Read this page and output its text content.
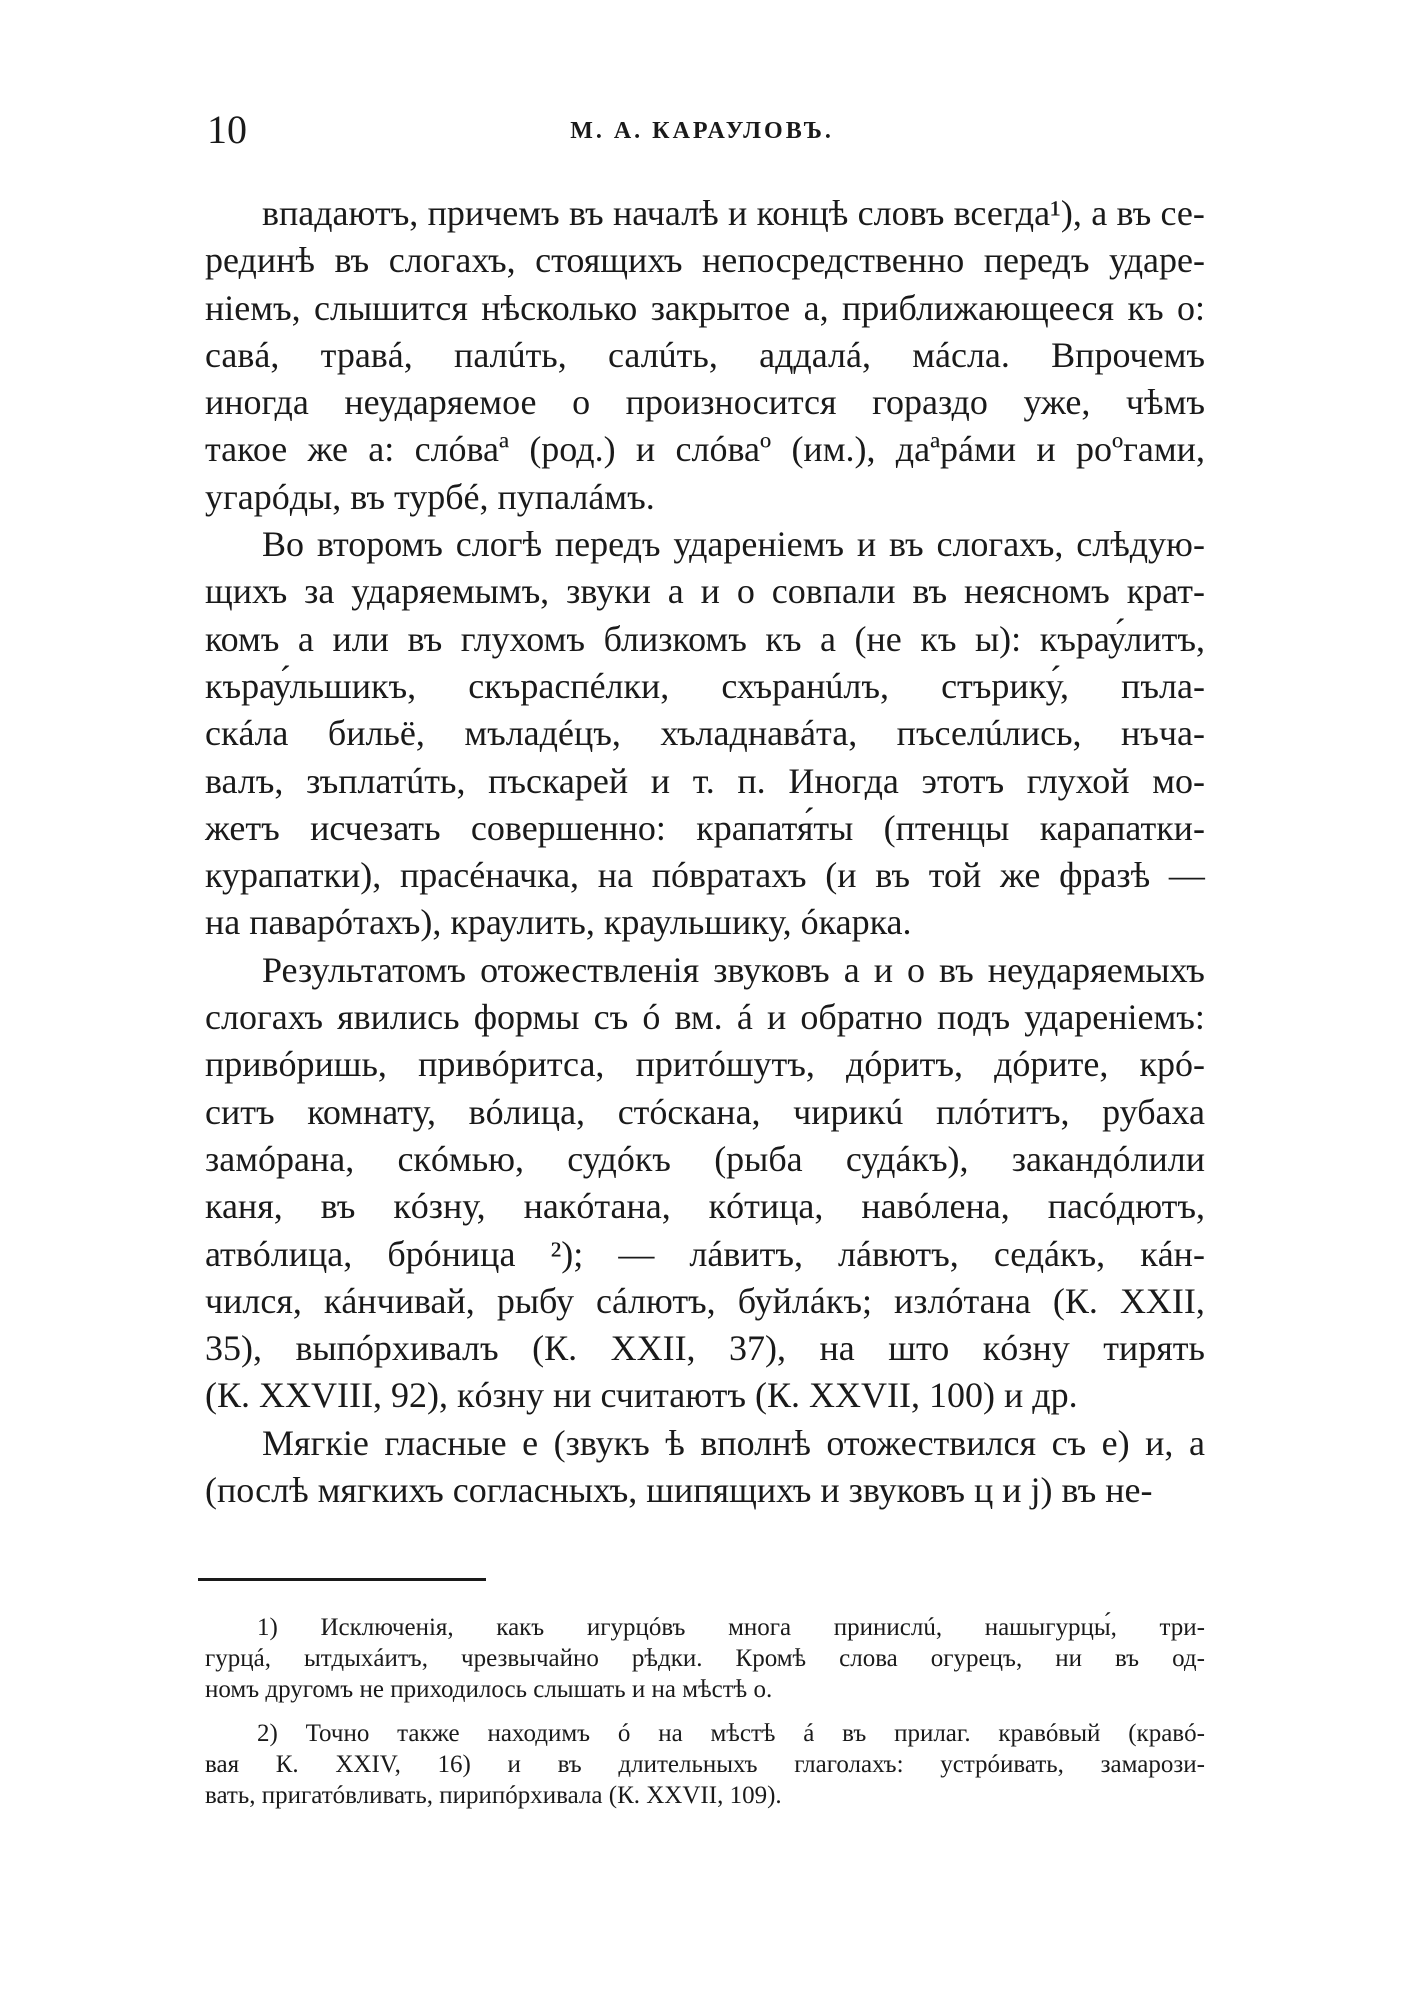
10	М. А. КАРАУЛОВЪ.
впадаютъ, причемъ въ началѣ и концѣ словъ всегда¹), а въ се-
рединѣ въ слогахъ, стоящихъ непосредственно передъ ударе-
ніемъ, слышится нѣсколько закрытое а, приближающееся къ о:
савá, травá, палúть, салúть, аддалá, мáсла. Впрочемъ
иногда неударяемое о произносится гораздо уже, чѣмъ
такое же а: слóваª (род.) и слóваº (им.), даªрáми и роºгами,
угарóды, въ турбé, пупалáмъ.
Во второмъ слогѣ передъ удареніемъ и въ слогахъ, слѣдую-
щихъ за ударяемымъ, звуки а и о совпали въ неясномъ крат-
комъ а или въ глухомъ близкомъ къ а (не къ ы): кърау́литъ,
кърау́льшикъ, скъраспéлки, схъранúлъ, стърику́, пъла-
скáла бильё, мъладéцъ, хъладнавáта, пъселúлись, нъча-
валъ, зъплатúть, пъскарей и т. п. Иногда этотъ глухой мо-
жетъ исчезать совершенно: крапатя́ты (птенцы карапатки-
курапатки), прасéначка, на пóвратахъ (и въ той же фразѣ —
на паварóтахъ), краулить, краульшику, óкарка.
Результатомъ отожествленія звуковъ а и о въ неударяемыхъ
слогахъ явились формы съ ó вм. á и обратно подъ удареніемъ:
привóришь, привóритса, притóшутъ, дóритъ, дóрите, крó-
ситъ комнату, вóлица, стóскана, чирикú плóтитъ, рубаха
замóрана, скóмью, судóкъ (рыба судáкъ), закандóлили
каня, въ кóзну, накóтана, кóтица, навóлена, пасóдютъ,
атвóлица, брóница ²); — лáвитъ, лáвютъ, седáкъ, кáн-
чился, кáнчивай, рыбу сáлютъ, буйлáкъ; излóтана (К. XXII,
35), выпóрхивалъ (К. XXII, 37), на што кóзну тирять
(К. XXVIII, 92), кóзну ни считаютъ (К. XXVII, 100) и др.
Мягкіе гласные е (звукъ ѣ вполнѣ отожествился съ е) и, а
(послѣ мягкихъ согласныхъ, шипящихъ и звуковъ ц и j) въ не-
1) Исключенія, какъ игурцóвъ многа принислú, нашыгурцы́, три-
гурцá, ытдыхáитъ, чрезвычайно рѣдки. Кромѣ слова огурецъ, ни въ од-
номъ другомъ не приходилось слышать и на мѣстѣ о.
2) Точно также находимъ ó на мѣстѣ á въ прилаг. кравóвый (кравó-
вая К. XXIV, 16) и въ длительныхъ глаголахъ: устрóивать, замарози-
вать, пригатóвливать, пирипóрхивала (К. XXVII, 109).
